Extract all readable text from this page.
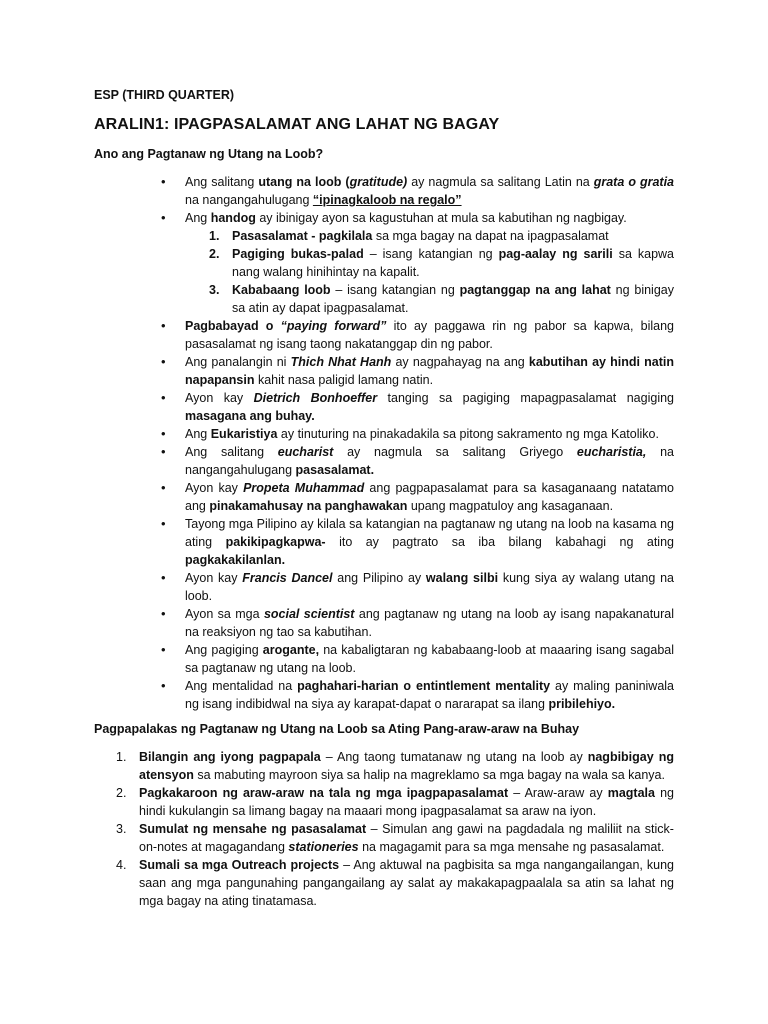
ESP (THIRD QUARTER)
ARALIN1: IPAGPASALAMAT ANG LAHAT NG BAGAY
Ano ang Pagtanaw ng Utang na Loob?
• Ang salitang utang na loob (gratitude) ay nagmula sa salitang Latin na grata o gratia na nangangahulugang “ipinagkaloob na regalo”
• Ang handog ay ibinigay ayon sa kagustuhan at mula sa kabutihan ng nagbigay.
1. Pasasalamat - pagkilala sa mga bagay na dapat na ipagpasalamat
2. Pagiging bukas-palad – isang katangian ng pag-aalay ng sarili sa kapwa nang walang hinihintay na kapalit.
3. Kababaang loob – isang katangian ng pagtanggap na ang lahat ng binigay sa atin ay dapat ipagpasalamat.
• Pagbabayad o “paying forward” ito ay paggawa rin ng pabor sa kapwa, bilang pasasalamat ng isang taong nakatanggap din ng pabor.
• Ang panalangin ni Thich Nhat Hanh ay nagpahayag na ang kabutihan ay hindi natin napapansin kahit nasa paligid lamang natin.
• Ayon kay Dietrich Bonhoeffer tanging sa pagiging mapagpasalamat nagiging masagana ang buhay.
• Ang Eukaristiya ay tinuturing na pinakadakila sa pitong sakramento ng mga Katoliko.
• Ang salitang eucharist ay nagmula sa salitang Griyego eucharistia, na nangangahulugang pasasalamat.
• Ayon kay Propeta Muhammad ang pagpapasalamat para sa kasaganaang natatamo ang pinakamahusay na panghawakan upang magpatuloy ang kasaganaan.
• Tayong mga Pilipino ay kilala sa katangian na pagtanaw ng utang na loob na kasama ng ating pakikipagkapwa- ito ay pagtrato sa iba bilang kabahagi ng ating pagkakakilanlan.
• Ayon kay Francis Dancel ang Pilipino ay walang silbi kung siya ay walang utang na loob.
• Ayon sa mga social scientist ang pagtanaw ng utang na loob ay isang napakanatural na reaksiyon ng tao sa kabutihan.
• Ang pagiging arogante, na kabaligtaran ng kababaang-loob at maaaring isang sagabal sa pagtanaw ng utang na loob.
• Ang mentalidad na paghahari-harian o entintlement mentality ay maling paniniwala ng isang indibidwal na siya ay karapat-dapat o nararapat sa ilang pribilehiyo.
Pagpapalakas ng Pagtanaw ng Utang na Loob sa Ating Pang-araw-araw na Buhay
1. Bilangin ang iyong pagpapala – Ang taong tumatanaw ng utang na loob ay nagbibigay ng atensyon sa mabuting mayroon siya sa halip na magreklamo sa mga bagay na wala sa kanya.
2. Pagkakaroon ng araw-araw na tala ng mga ipagpapasalamat – Araw-araw ay magtala ng hindi kukulangin sa limang bagay na maaari mong ipagpasalamat sa araw na iyon.
3. Sumulat ng mensahe ng pasasalamat – Simulan ang gawi na pagdadala ng maliliit na stick-on-notes at magagandang stationeries na magagamit para sa mga mensahe ng pasasalamat.
4. Sumali sa mga Outreach projects – Ang aktuwal na pagbisita sa mga nangangailangan, kung saan ang mga pangunahing pangangailang ay salat ay makakapagpaalala sa atin sa lahat ng mga bagay na ating tinatamasa.
